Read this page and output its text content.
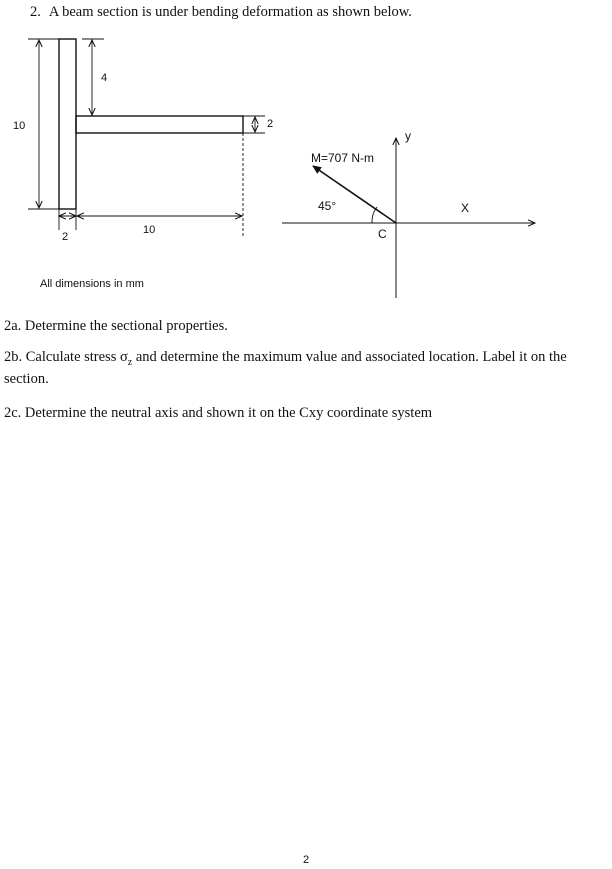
2. A beam section is under bending deformation as shown below.
10
4
2
2
10
All dimensions in mm
y
M=707 N-m
45°	X
C
2a. Determine the sectional properties.
2b. Calculate stress $\sigma_z$ and determine the maximum value and associated location. Label it on the section.
2c. Determine the neutral axis and shown it on the Cxy coordinate system
2
